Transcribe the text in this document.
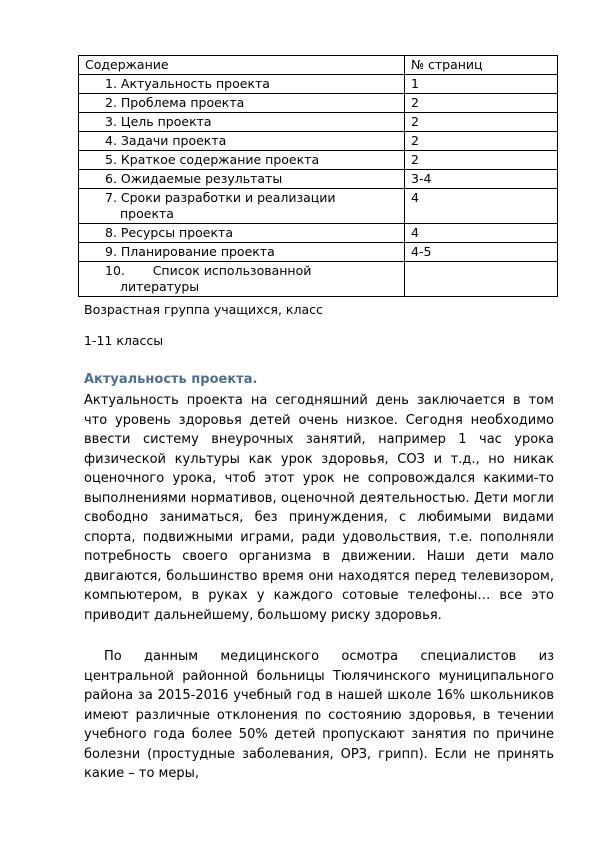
Содержание	№ страниц
1. Актуальность проекта	1
2. Проблема проекта	2
3. Цель проекта	2
4. Задачи проекта	2
5. Краткое содержание проекта	2
6. Ожидаемые результаты	3-4
7. Сроки разработки и реализации
проекта	4
8. Ресурсы проекта	4
9. Планирование проекта	4-5
10.       Список использованной
литературы	

Возрастная группа учащихся, класс
1-11 классы
Актуальность проекта.

Актуальность проекта на сегодняшний день заключается в том что уровень здоровья детей очень низкое. Сегодня необходимо ввести систему внеурочных занятий, например 1 час урока физической культуры как урок здоровья, СОЗ и т.д., но никак оценочного урока, чтоб этот урок не сопровождался какими-то выполнениями нормативов, оценочной деятельностью. Дети могли свободно заниматься, без принуждения, с любимыми видами спорта, подвижными играми, ради удовольствия, т.е. пополняли потребность своего организма в движении. Наши дети мало двигаются, большинство время они находятся перед телевизором, компьютером, в руках у каждого сотовые телефоны… все это приводит дальнейшему, большому риску здоровья.

По данным медицинского осмотра специалистов из центральной районной больницы Тюлячинского муниципального района за 2015-2016 учебный год в нашей школе 16% школьников имеют различные отклонения по состоянию здоровья, в течении учебного года более 50% детей пропускают занятия по причине болезни (простудные заболевания, ОРЗ, грипп). Если не принять какие – то меры,
